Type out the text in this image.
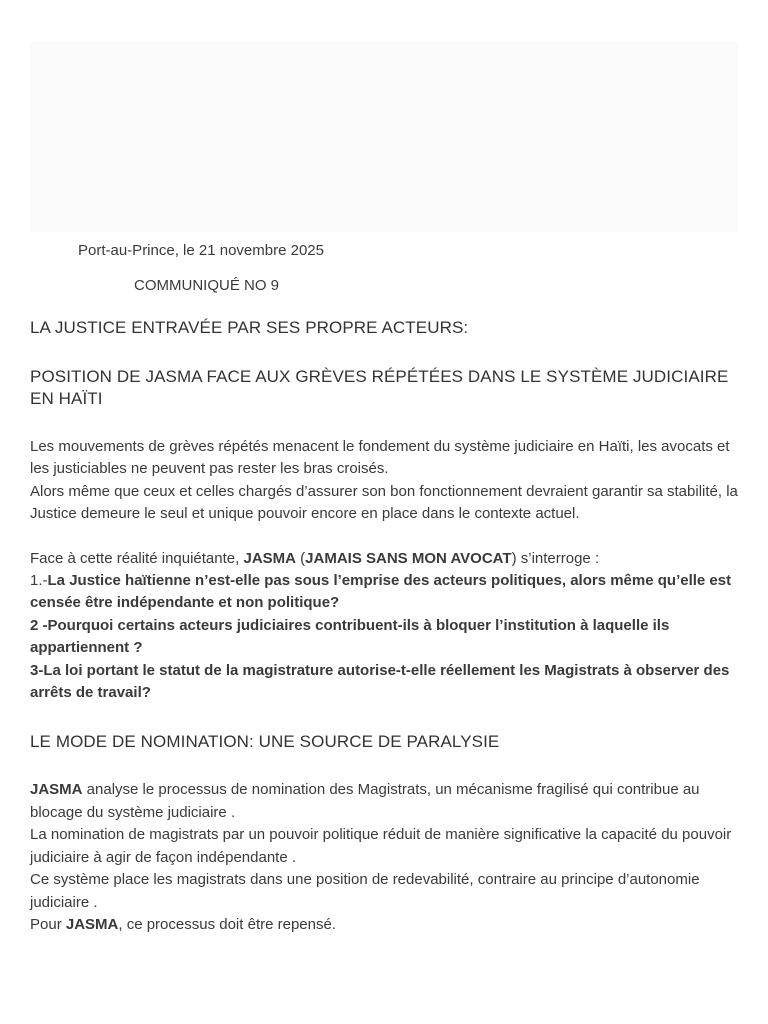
Port-au-Prince, le 21 novembre 2025

COMMUNIQUÉ NO 9

LA JUSTICE ENTRAVÉE PAR SES PROPRE ACTEURS:
POSITION DE JASMA FACE AUX GRÈVES RÉPÉTÉES DANS LE SYSTÈME JUDICIAIRE EN HAÏTI

Les mouvements de grèves répétés menacent le fondement du système judiciaire en Haïti, les avocats et les justiciables ne peuvent pas rester les bras croisés.

Alors même que ceux et celles chargés d’assurer son bon fonctionnement devraient garantir sa stabilité, la Justice demeure le seul et unique pouvoir encore en place dans le contexte actuel.

Face à cette réalité inquiétante, JASMA (JAMAIS SANS MON AVOCAT) s’interroge :

1.-La Justice haïtienne n’est-elle pas sous l’emprise des acteurs politiques, alors même qu’elle est censée être indépendante et non politique?

2 -Pourquoi certains acteurs judiciaires contribuent-ils à bloquer l’institution à laquelle ils appartiennent ?

3-La loi portant le statut de la magistrature autorise-t-elle réellement les Magistrats à observer des arrêts de travail?

LE MODE DE NOMINATION: UNE SOURCE DE PARALYSIE

JASMA analyse le processus de nomination des Magistrats, un mécanisme fragilisé qui contribue au blocage du système judiciaire .

La nomination de magistrats par un pouvoir politique réduit de manière significative la capacité du pouvoir judiciaire à agir de façon indépendante .

Ce système place les magistrats dans une position de redevabilité, contraire au principe d’autonomie judiciaire .

Pour JASMA, ce processus doit être repensé.
